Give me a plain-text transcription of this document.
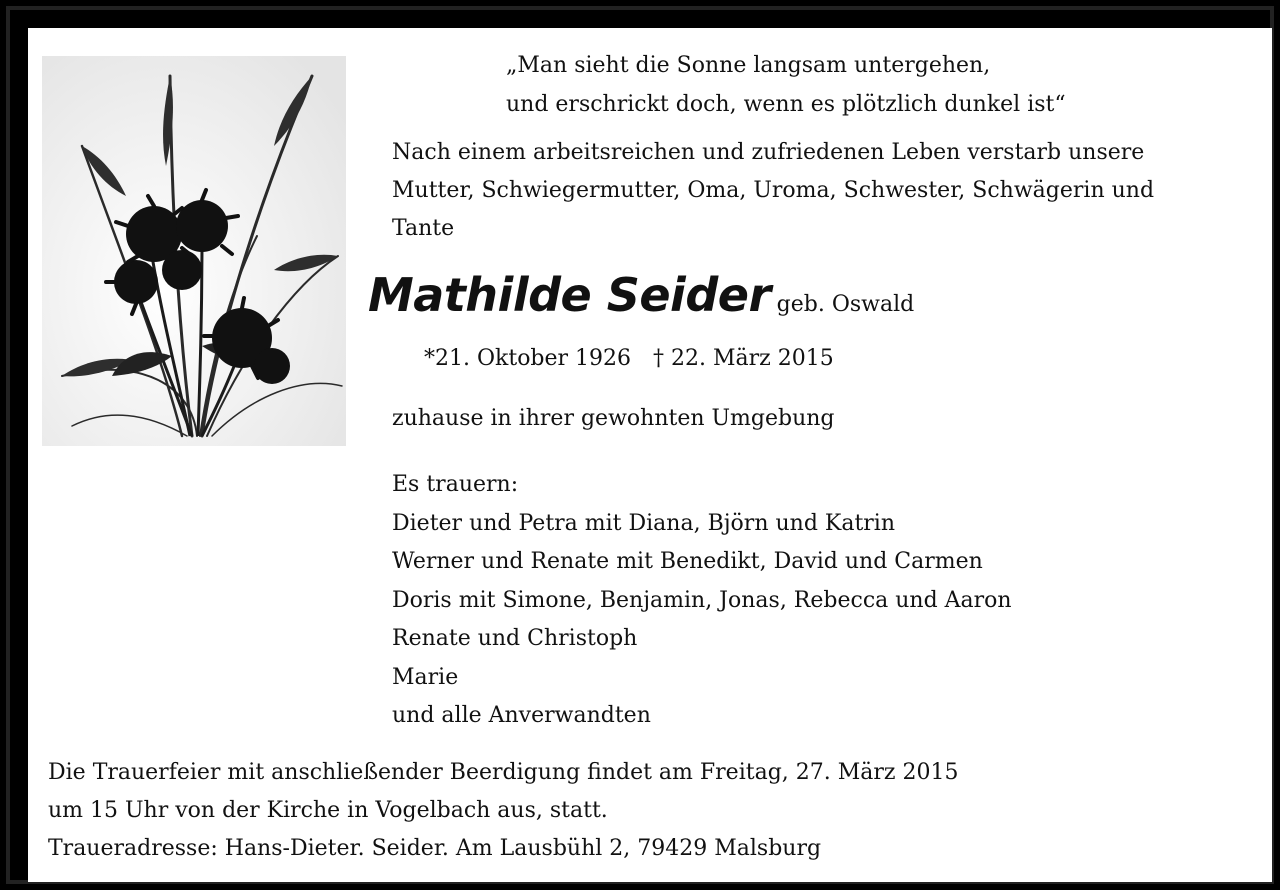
„Man sieht die Sonne langsam untergehen,
und erschrickt doch, wenn es plötzlich dunkel ist“
Nach einem arbeitsreichen und zufriedenen Leben verstarb unsere
Mutter, Schwiegermutter, Oma, Uroma, Schwester, Schwägerin und
Tante
Mathilde Seider geb. Oswald
*21. Oktober 1926 † 22. März 2015
zuhause in ihrer gewohnten Umgebung
Es trauern:
Dieter und Petra mit Diana, Björn und Katrin
Werner und Renate mit Benedikt, David und Carmen
Doris mit Simone, Benjamin, Jonas, Rebecca und Aaron
Renate und Christoph
Marie
und alle Anverwandten
Die Trauerfeier mit anschließender Beerdigung findet am Freitag, 27. März 2015
um 15 Uhr von der Kirche in Vogelbach aus, statt.
Traueradresse: Hans-Dieter. Seider. Am Lausbühl 2, 79429 Malsburg
